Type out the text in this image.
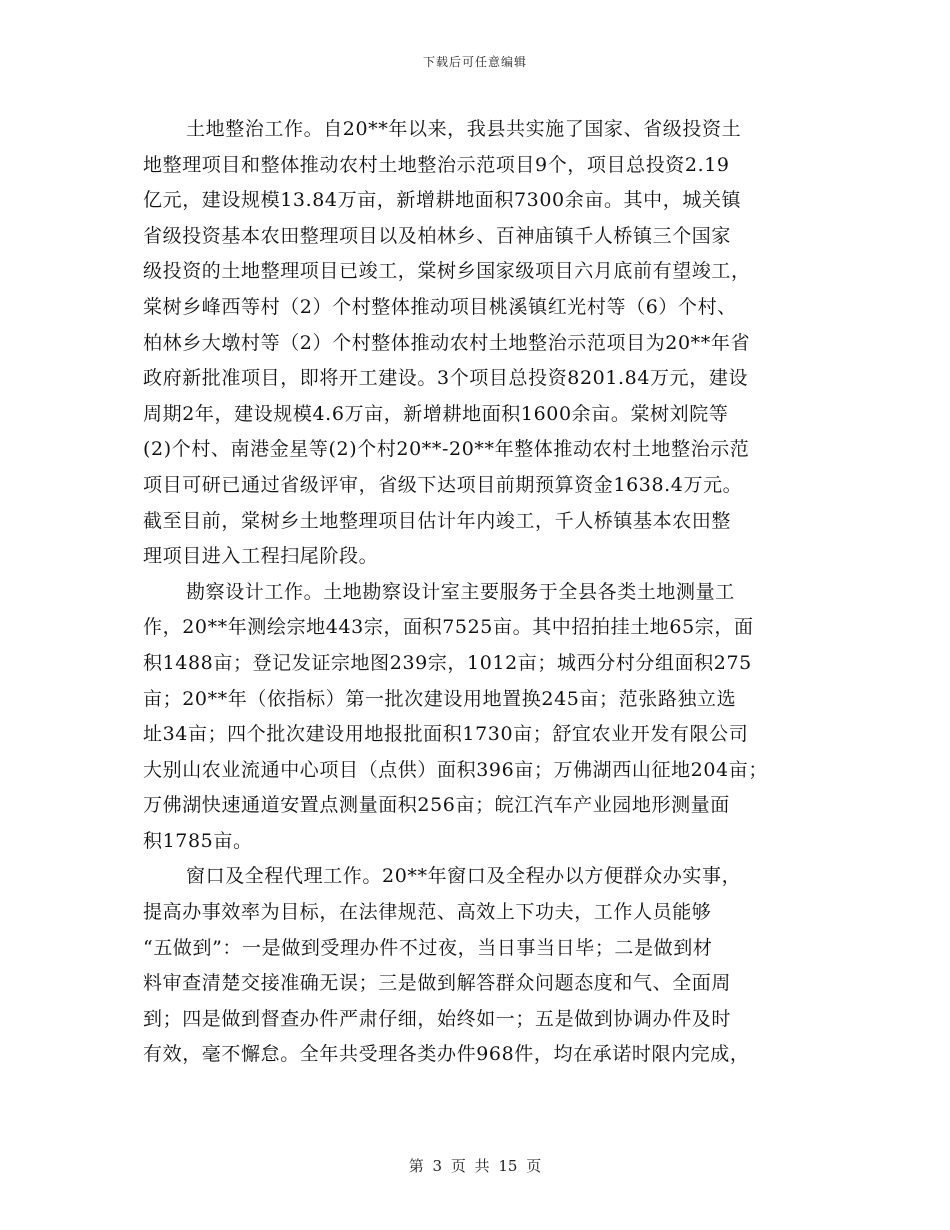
下载后可任意编辑
土地整治工作。自20**年以来，我县共实施了国家、省级投资土
地整理项目和整体推动农村土地整治示范项目9个，项目总投资2.19
亿元，建设规模13.84万亩，新增耕地面积7300余亩。其中，城关镇
省级投资基本农田整理项目以及柏林乡、百神庙镇千人桥镇三个国家
级投资的土地整理项目已竣工，棠树乡国家级项目六月底前有望竣工，
棠树乡峰西等村（2）个村整体推动项目桃溪镇红光村等（6）个村、
柏林乡大墩村等（2）个村整体推动农村土地整治示范项目为20**年省
政府新批准项目，即将开工建设。3个项目总投资8201.84万元，建设
周期2年，建设规模4.6万亩，新增耕地面积1600余亩。棠树刘院等
(2)个村、南港金星等(2)个村20**-20**年整体推动农村土地整治示范
项目可研已通过省级评审，省级下达项目前期预算资金1638.4万元。
截至目前，棠树乡土地整理项目估计年内竣工，千人桥镇基本农田整
理项目进入工程扫尾阶段。
勘察设计工作。土地勘察设计室主要服务于全县各类土地测量工
作，20**年测绘宗地443宗，面积7525亩。其中招拍挂土地65宗，面
积1488亩；登记发证宗地图239宗，1012亩；城西分村分组面积275
亩；20**年（依指标）第一批次建设用地置换245亩；范张路独立选
址34亩；四个批次建设用地报批面积1730亩；舒宜农业开发有限公司
大别山农业流通中心项目（点供）面积396亩；万佛湖西山征地204亩；
万佛湖快速通道安置点测量面积256亩；皖江汽车产业园地形测量面
积1785亩。
窗口及全程代理工作。20**年窗口及全程办以方便群众办实事，
提高办事效率为目标，在法律规范、高效上下功夫，工作人员能够
“五做到”：一是做到受理办件不过夜，当日事当日毕；二是做到材
料审查清楚交接准确无误；三是做到解答群众问题态度和气、全面周
到；四是做到督查办件严肃仔细，始终如一；五是做到协调办件及时
有效，毫不懈怠。全年共受理各类办件968件，均在承诺时限内完成，
第 3 页 共 15 页
